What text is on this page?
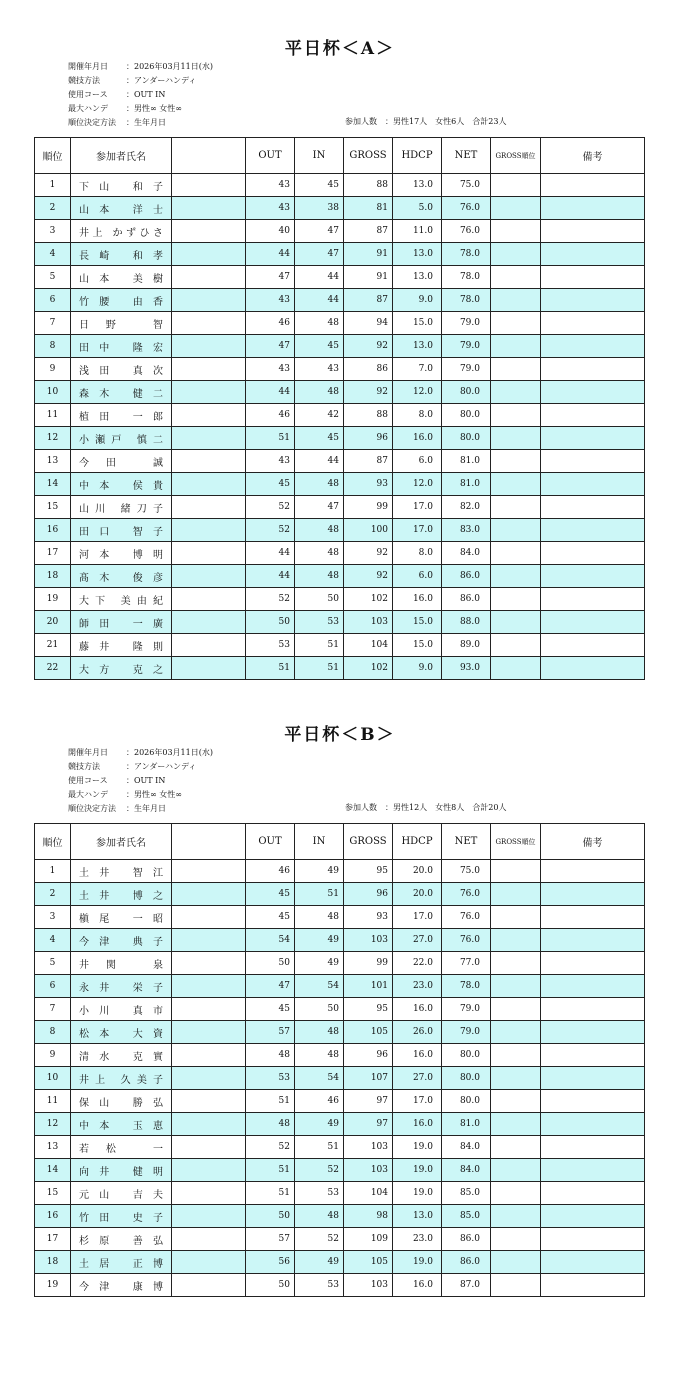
平日杯＜A＞
開催年月日 ：2026年03月11日(水)
競技方法	：アンダーハンディ
使用コース ：OUT IN
最大ハンデ ：男性∞ 女性∞
順位決定方法 ：生年月日	参加人数　：男性17人　女性6人　合計23人
順位	参加者氏名		OUT	IN	GROSS	HDCP	NET	GROSS順位	備考
1	下山 和子		43	45	88	13.0	75.0		
2	山本 洋士		43	38	81	5.0	76.0		
3	井上 かずひさ		40	47	87	11.0	76.0		
4	長崎 和孝		44	47	91	13.0	78.0		
5	山本 美樹		47	44	91	13.0	78.0		
6	竹腰 由香		43	44	87	9.0	78.0		
7	日野 智		46	48	94	15.0	79.0		
8	田中 隆宏		47	45	92	13.0	79.0		
9	浅田 真次		43	43	86	7.0	79.0		
10	森木 健二		44	48	92	12.0	80.0		
11	植田 一郎		46	42	88	8.0	80.0		
12	小瀬戸 慎二		51	45	96	16.0	80.0		
13	今田 誠		43	44	87	6.0	81.0		
14	中本 侯貴		45	48	93	12.0	81.0		
15	山川 緒刀子		52	47	99	17.0	82.0		
16	田口 智子		52	48	100	17.0	83.0		
17	河本 博明		44	48	92	8.0	84.0		
18	髙木 俊彦		44	48	92	6.0	86.0		
19	大下 美由紀		52	50	102	16.0	86.0		
20	師田 一廣		50	53	103	15.0	88.0		
21	藤井 隆則		53	51	104	15.0	89.0		
22	大方 克之		51	51	102	9.0	93.0		
平日杯＜B＞
開催年月日 ：2026年03月11日(水)
競技方法	：アンダーハンディ
使用コース ：OUT IN
最大ハンデ ：男性∞ 女性∞
順位決定方法 ：生年月日	参加人数　：男性12人　女性8人　合計20人
順位	参加者氏名		OUT	IN	GROSS	HDCP	NET	GROSS順位	備考
1	土井 智江		46	49	95	20.0	75.0		
2	土井 博之		45	51	96	20.0	76.0		
3	槇尾 一昭		45	48	93	17.0	76.0		
4	今津 典子		54	49	103	27.0	76.0		
5	井関 泉		50	49	99	22.0	77.0		
6	永井 栄子		47	54	101	23.0	78.0		
7	小川 真市		45	50	95	16.0	79.0		
8	松本 大資		57	48	105	26.0	79.0		
9	清水 克實		48	48	96	16.0	80.0		
10	井上 久美子		53	54	107	27.0	80.0		
11	保山 勝弘		51	46	97	17.0	80.0		
12	中本 玉恵		48	49	97	16.0	81.0		
13	若松 一		52	51	103	19.0	84.0		
14	向井 健明		51	52	103	19.0	84.0		
15	元山 吉夫		51	53	104	19.0	85.0		
16	竹田 史子		50	48	98	13.0	85.0		
17	杉原 善弘		57	52	109	23.0	86.0		
18	土居 正博		56	49	105	19.0	86.0		
19	今津 康博		50	53	103	16.0	87.0		
